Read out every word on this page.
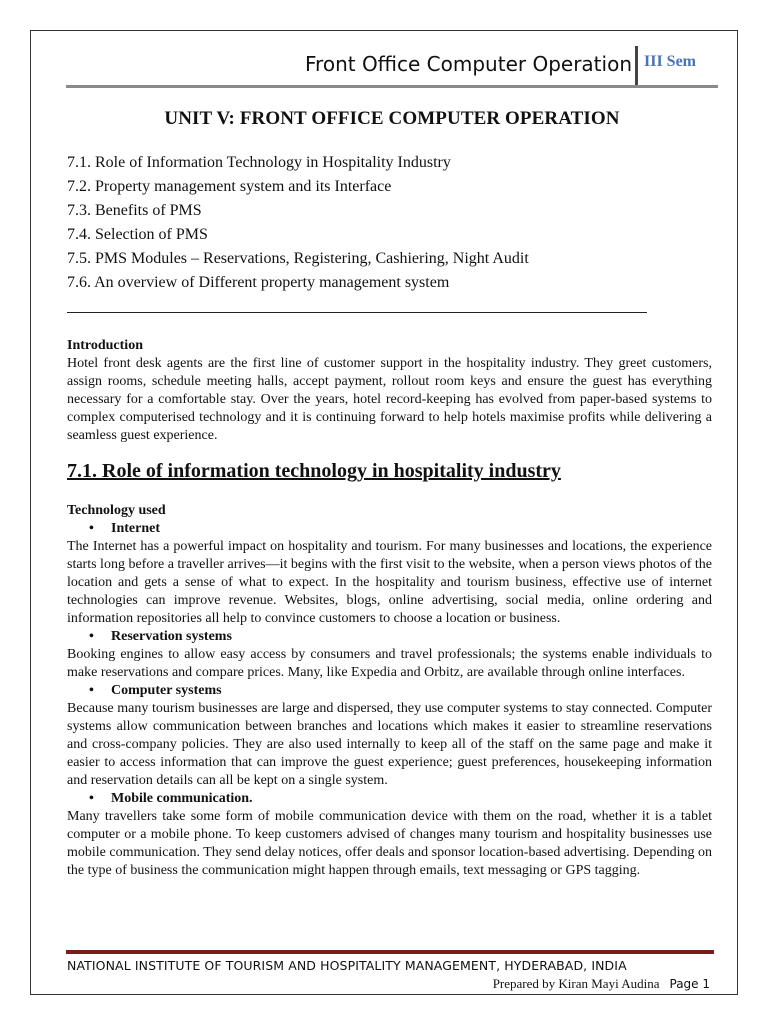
Front Office Computer Operation III Sem
UNIT V: FRONT OFFICE COMPUTER OPERATION
7.1. Role of Information Technology in Hospitality Industry
7.2. Property management system and its Interface
7.3. Benefits of PMS
7.4. Selection of PMS
7.5. PMS Modules – Reservations, Registering, Cashiering, Night Audit
7.6. An overview of Different property management system

Introduction

Hotel front desk agents are the first line of customer support in the hospitality industry. They greet customers, assign rooms, schedule meeting halls, accept payment, rollout room keys and ensure the guest has everything necessary for a comfortable stay. Over the years, hotel record-keeping has evolved from paper-based systems to complex computerised technology and it is continuing forward to help hotels maximise profits while delivering a seamless guest experience.

7.1. Role of information technology in hospitality industry

Technology used

• Internet

The Internet has a powerful impact on hospitality and tourism. For many businesses and locations, the experience starts long before a traveller arrives—it begins with the first visit to the website, when a person views photos of the location and gets a sense of what to expect. In the hospitality and tourism business, effective use of internet technologies can improve revenue. Websites, blogs, online advertising, social media, online ordering and information repositories all help to convince customers to choose a location or business.

• Reservation systems

Booking engines to allow easy access by consumers and travel professionals; the systems enable individuals to make reservations and compare prices. Many, like Expedia and Orbitz, are available through online interfaces.

• Computer systems

Because many tourism businesses are large and dispersed, they use computer systems to stay connected. Computer systems allow communication between branches and locations which makes it easier to streamline reservations and cross-company policies. They are also used internally to keep all of the staff on the same page and make it easier to access information that can improve the guest experience; guest preferences, housekeeping information and reservation details can all be kept on a single system.

• Mobile communication.

Many travellers take some form of mobile communication device with them on the road, whether it is a tablet computer or a mobile phone. To keep customers advised of changes many tourism and hospitality businesses use mobile communication. They send delay notices, offer deals and sponsor location-based advertising. Depending on the type of business the communication might happen through emails, text messaging or GPS tagging.

NATIONAL INSTITUTE OF TOURISM AND HOSPITALITY MANAGEMENT, HYDERABAD, INDIA
Prepared by Kiran Mayi Audina Page 1
